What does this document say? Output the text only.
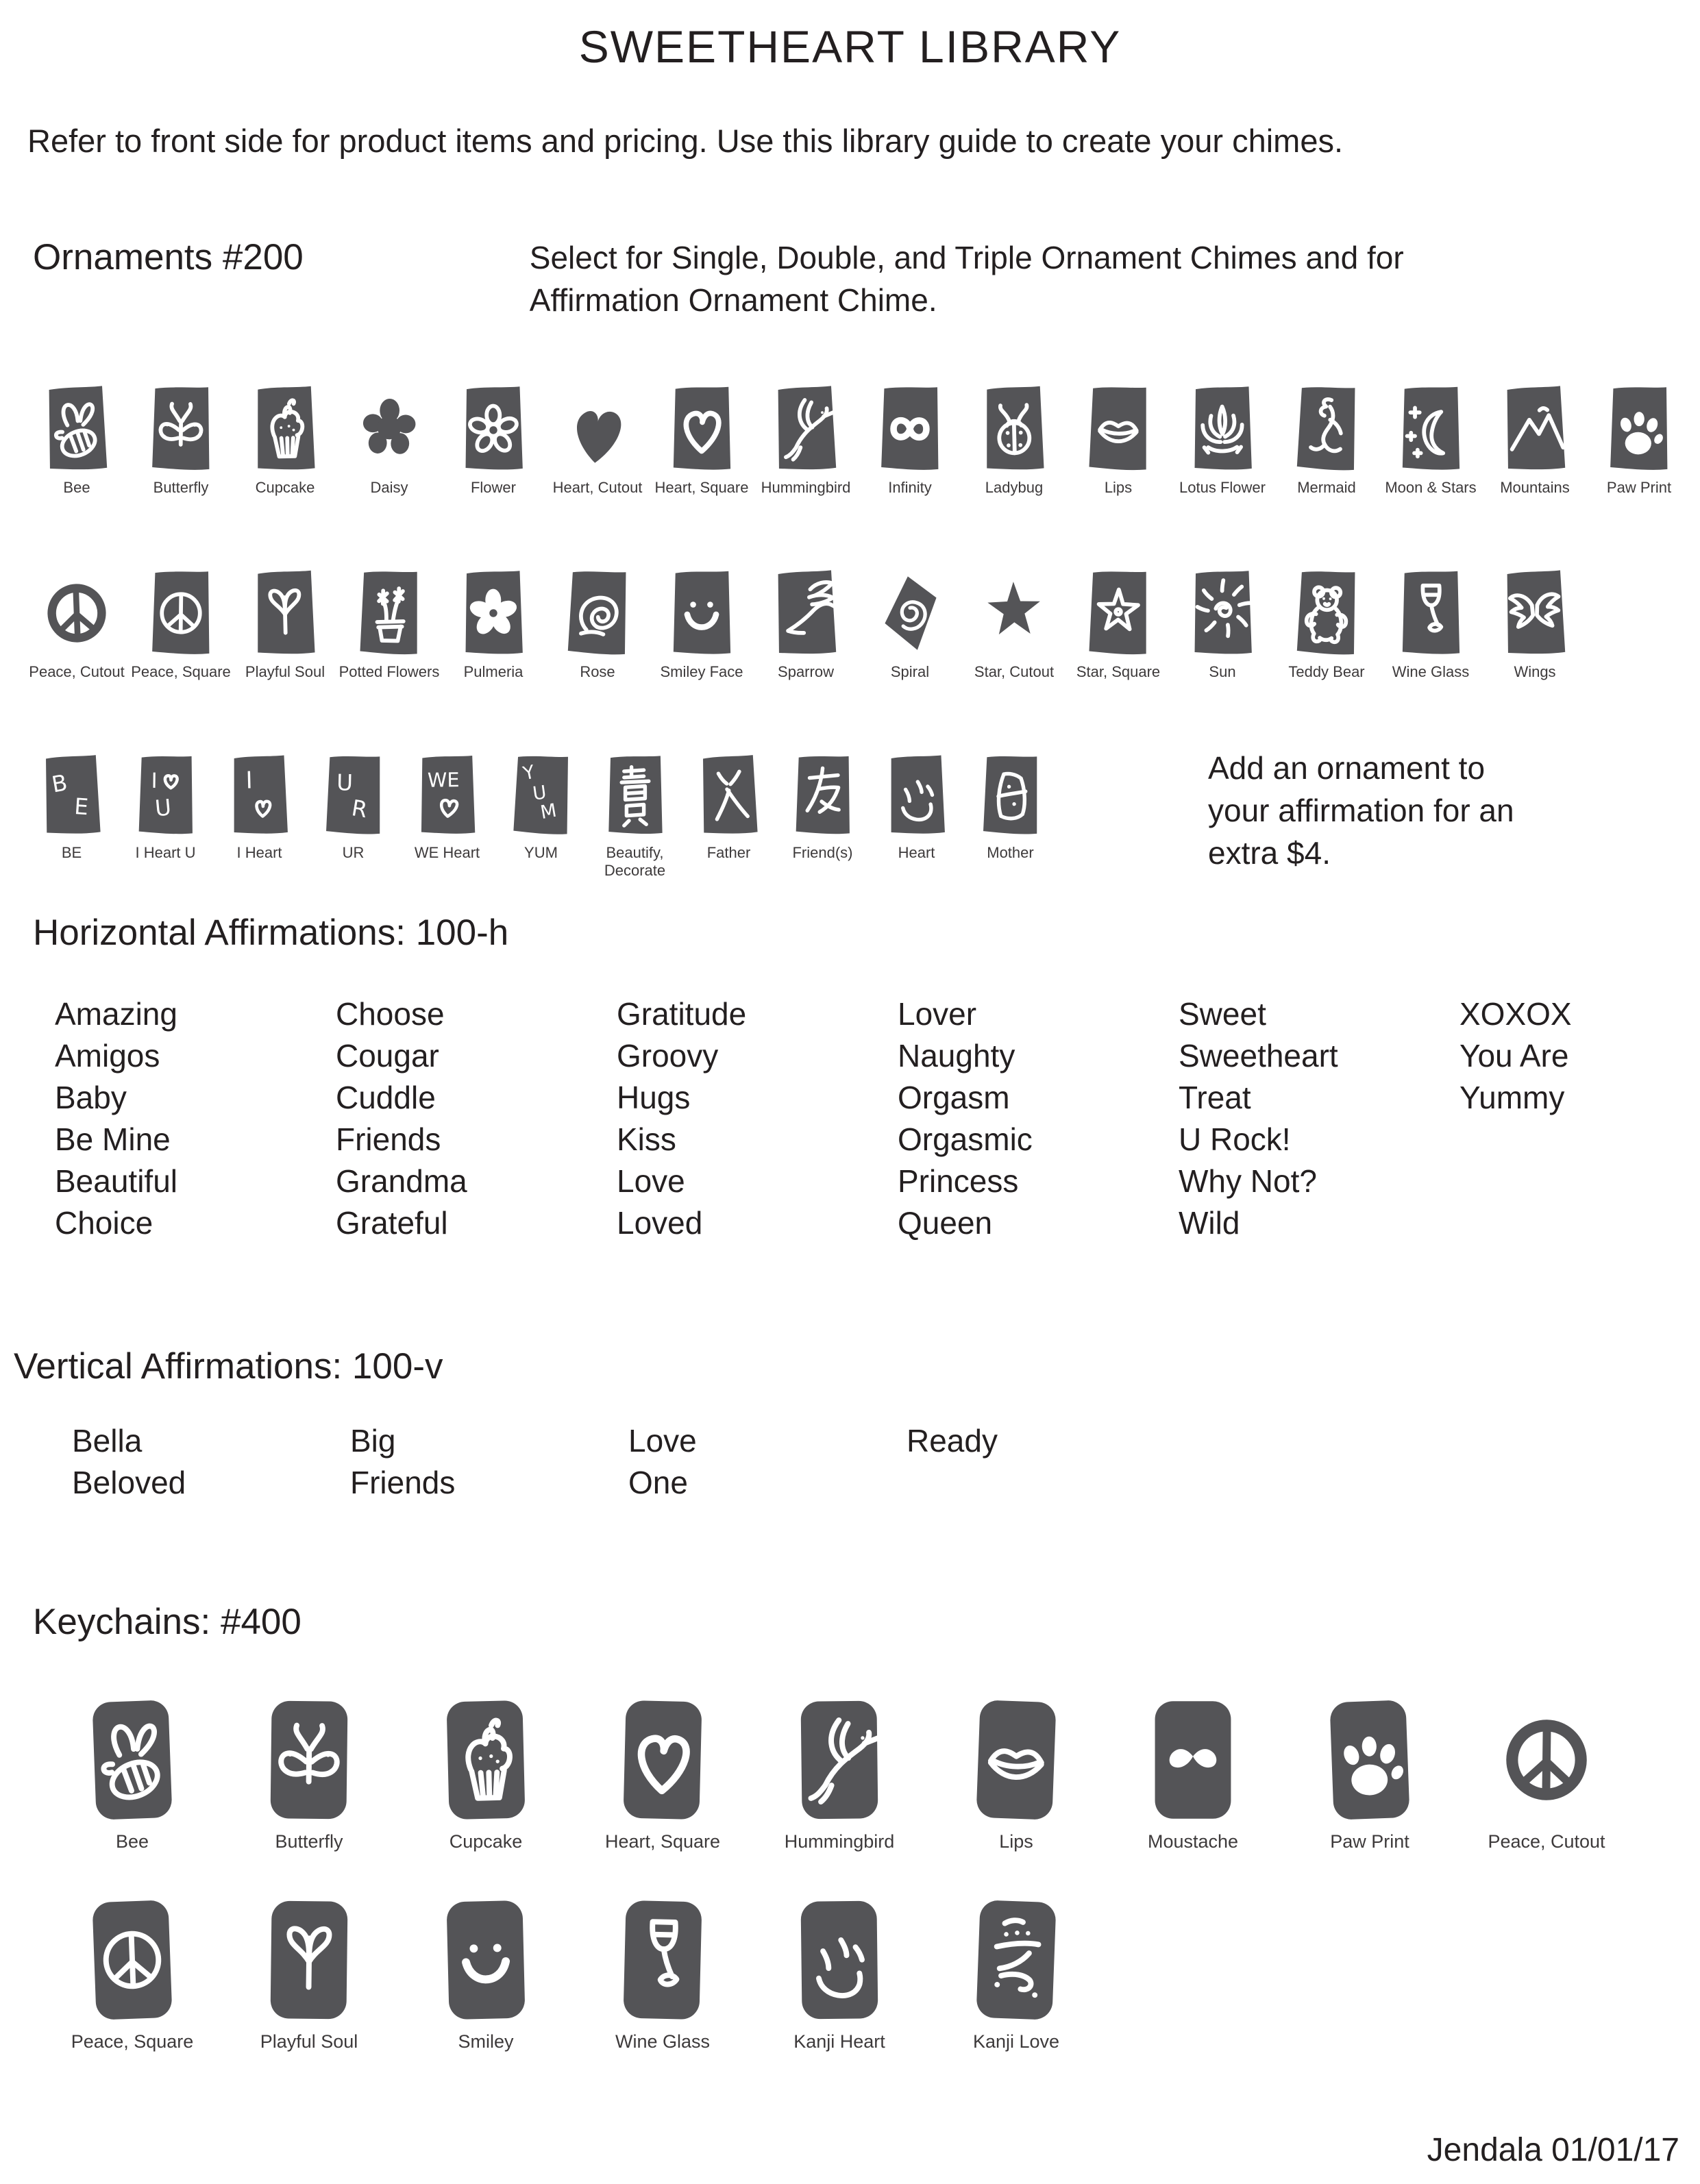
SWEETHEART LIBRARY
Refer to front side for product items and pricing. Use this library guide to create your chimes.
Ornaments #200	Select for Single, Double, and Triple Ornament Chimes and for Affirmation Ornament Chime.
Bee	Butterfly	Cupcake	Daisy	Flower	Heart, Cutout Heart, Square Hummingbird	Infinity	Ladybug	Lips	Lotus Flower	Mermaid	Moon & Stars	Mountains	Paw Print
Peace, Cutout Peace, Square Playful Soul Potted Flowers	Pulmeria	Rose	Smiley Face	Sparrow	Spiral	Star, Cutout	Star, Square	Sun	Teddy Bear	Wine Glass	Wings
B
E
BE
I
U
I Heart U
I
I Heart
U
R
UR
WE
WE Heart
Y
U
M
YUM	Beautify, Decorate
Father	Friend(s)	Heart	Mother
Add an ornament to your affirmation for an extra $4.
Horizontal Affirmations: 100-h
Amazing
Amigos
Baby
Be Mine
Beautiful
Choice
Choose
Cougar
Cuddle
Friends
Grandma
Grateful
Gratitude
Groovy
Hugs
Kiss
Love
Loved
Lover
Naughty
Orgasm
Orgasmic
Princess
Queen
Sweet
Sweetheart
Treat
U Rock!
Why Not?
Wild
XOXOX
You Are
Yummy
Vertical Affirmations: 100-v
Bella
Beloved
Big
Friends
Love
One
Ready
Keychains: #400
Bee	Butterfly	Cupcake	Heart, Square	Hummingbird	Lips	Moustache	Paw Print	Peace, Cutout
Peace, Square	Playful Soul	Smiley	Wine Glass	Kanji Heart	Kanji Love
Jendala 01/01/17
